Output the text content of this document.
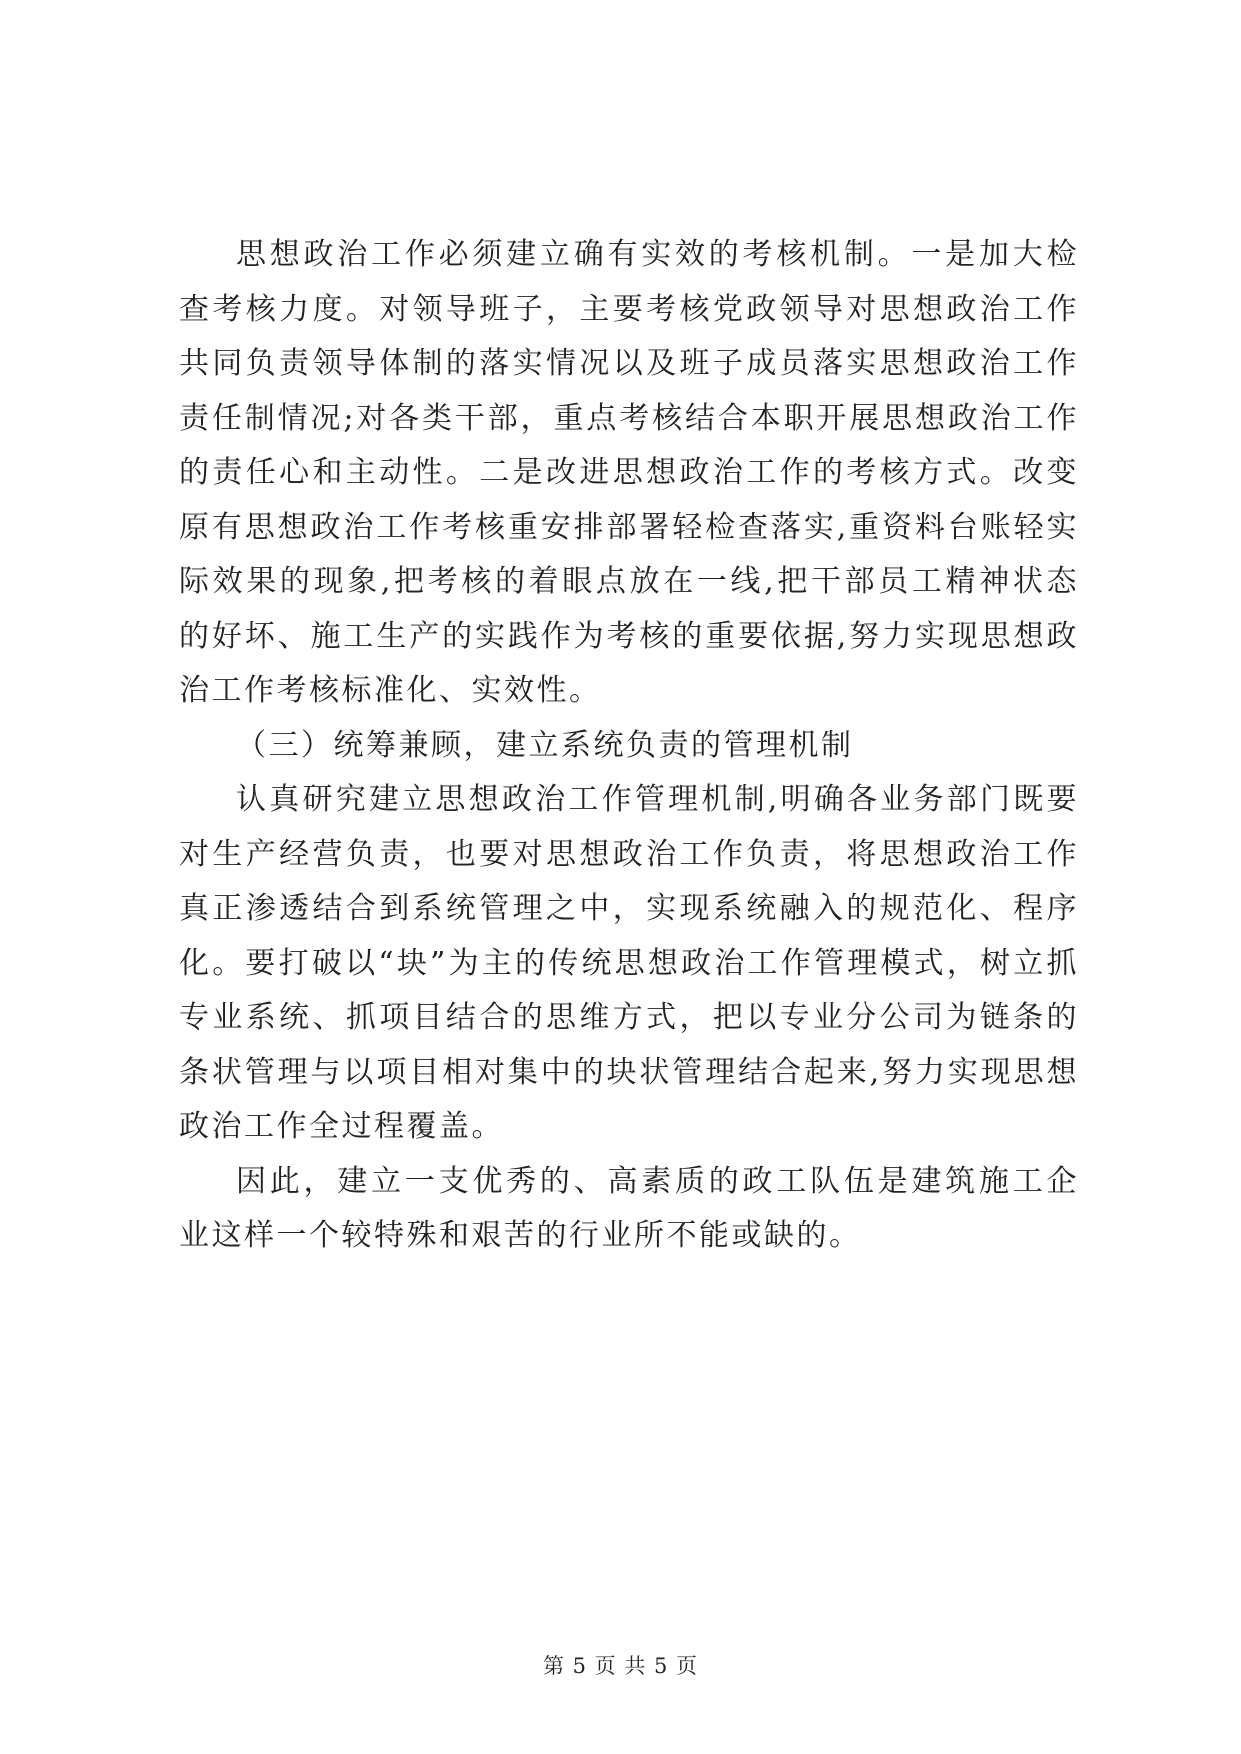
思想政治工作必须建立确有实效的考核机制。一是加大检查考核力度。对领导班子，主要考核党政领导对思想政治工作共同负责领导体制的落实情况以及班子成员落实思想政治工作责任制情况;对各类干部，重点考核结合本职开展思想政治工作的责任心和主动性。二是改进思想政治工作的考核方式。改变原有思想政治工作考核重安排部署轻检查落实,重资料台账轻实际效果的现象,把考核的着眼点放在一线,把干部员工精神状态的好坏、施工生产的实践作为考核的重要依据,努力实现思想政治工作考核标准化、实效性。

（三）统筹兼顾，建立系统负责的管理机制

认真研究建立思想政治工作管理机制,明确各业务部门既要对生产经营负责，也要对思想政治工作负责，将思想政治工作真正渗透结合到系统管理之中，实现系统融入的规范化、程序化。要打破以“块”为主的传统思想政治工作管理模式，树立抓专业系统、抓项目结合的思维方式，把以专业分公司为链条的条状管理与以项目相对集中的块状管理结合起来,努力实现思想政治工作全过程覆盖。

因此，建立一支优秀的、高素质的政工队伍是建筑施工企业这样一个较特殊和艰苦的行业所不能或缺的。

第 5 页 共 5 页
